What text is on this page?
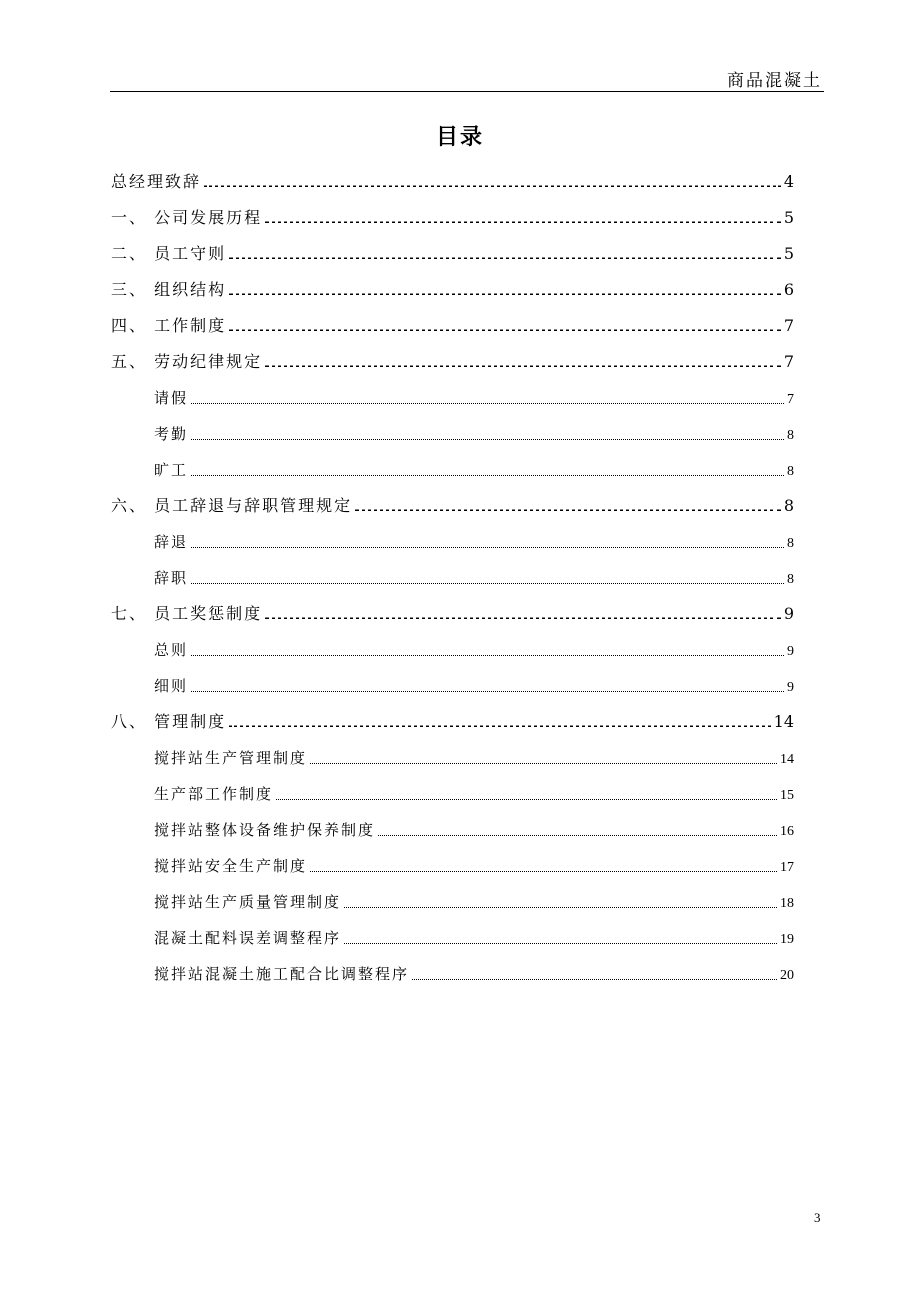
商品混凝土
目录
总经理致辞	4
一、 公司发展历程	5
二、 员工守则	5
三、 组织结构	6
四、 工作制度	7
五、 劳动纪律规定	7
请假	7
考勤	8
旷工	8
六、 员工辞退与辞职管理规定	8
辞退	8
辞职	8
七、 员工奖惩制度	9
总则	9
细则	9
八、 管理制度	14
搅拌站生产管理制度	14
生产部工作制度	15
搅拌站整体设备维护保养制度	16
搅拌站安全生产制度	17
搅拌站生产质量管理制度	18
混凝土配料误差调整程序	19
搅拌站混凝土施工配合比调整程序	20
3
